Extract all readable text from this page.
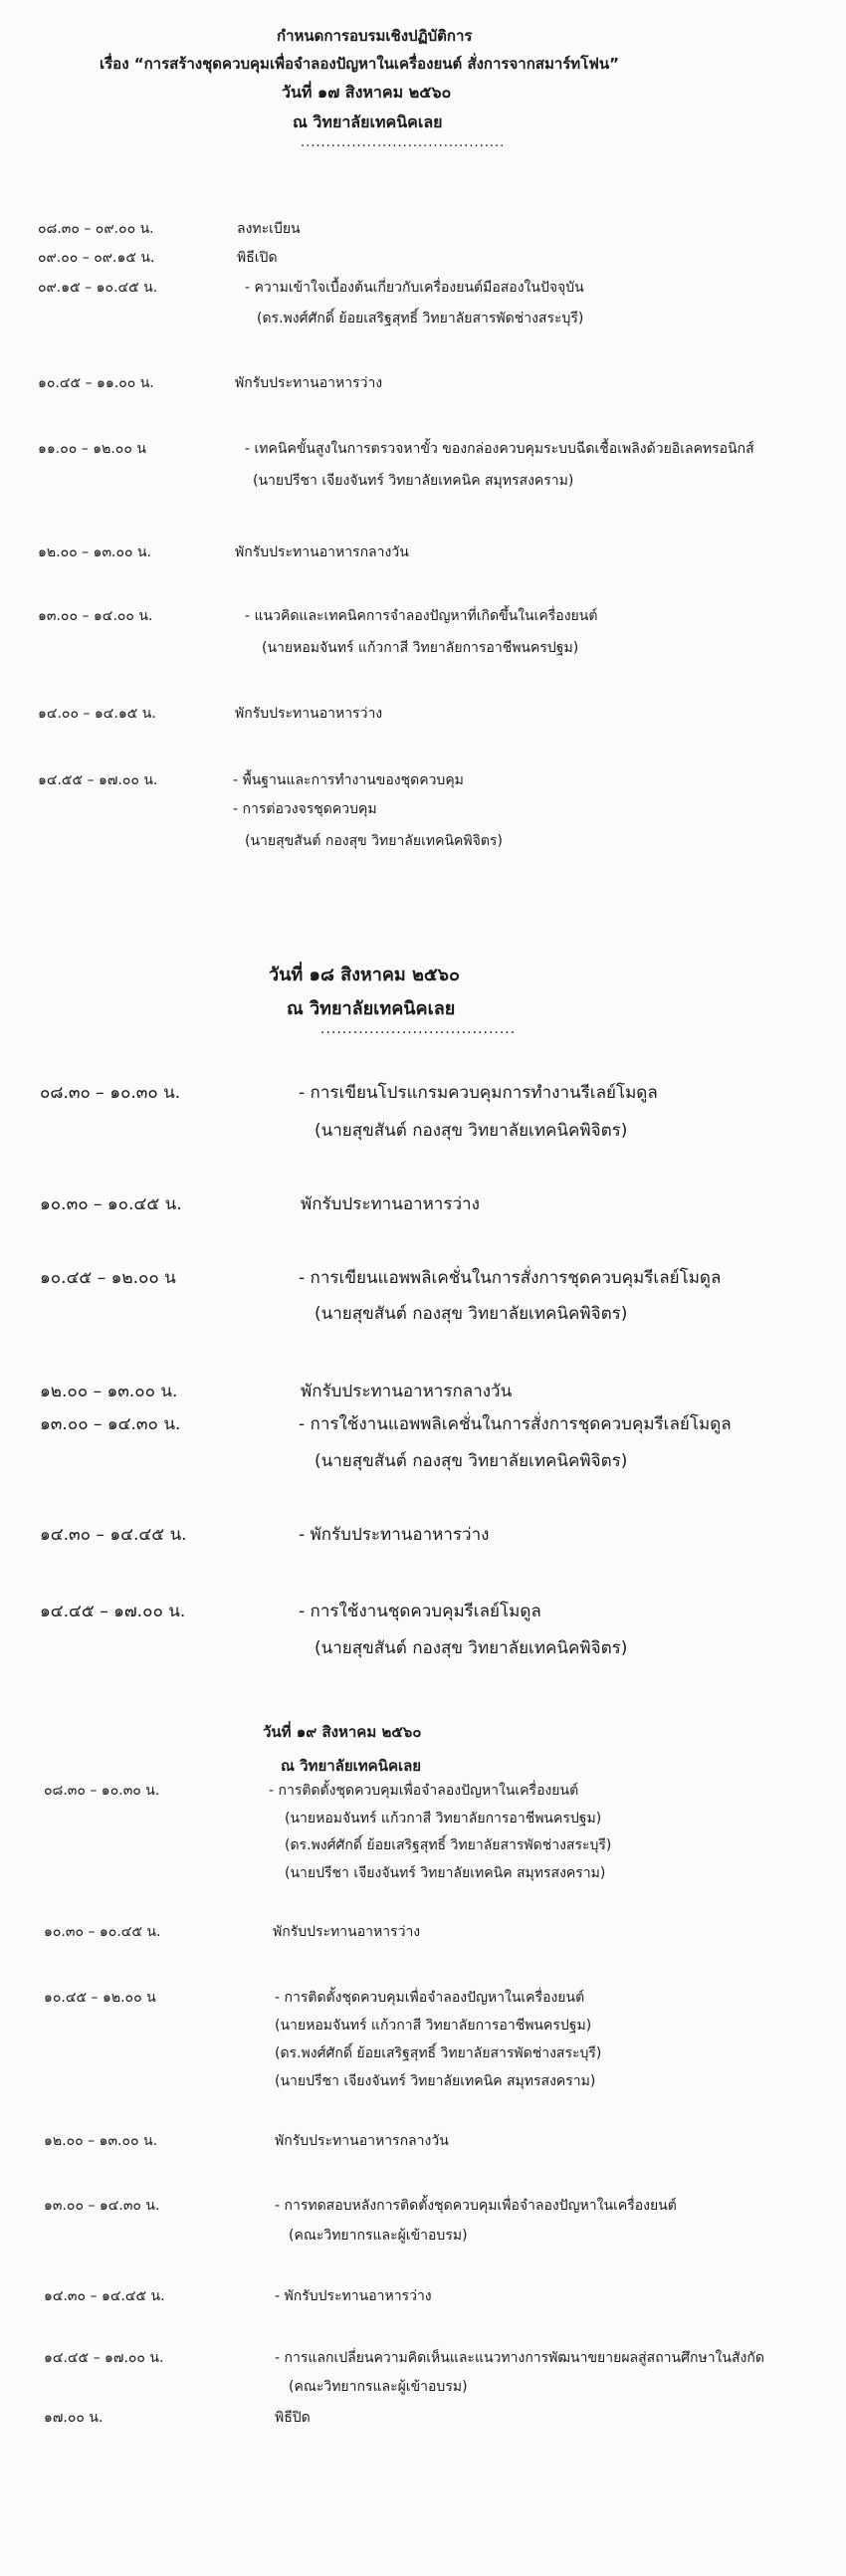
กำหนดการอบรมเชิงปฏิบัติการ
เรื่อง “การสร้างชุดควบคุมเพื่อจำลองปัญหาในเครื่องยนต์ สั่งการจากสมาร์ทโฟน”
วันที่ ๑๗ สิงหาคม ๒๕๖๐
ณ วิทยาลัยเทคนิคเลย
........................................
๐๘.๓๐ – ๐๙.๐๐ น.	ลงทะเบียน
๐๙.๐๐ – ๐๙.๑๕ น.	พิธีเปิด
๐๙.๑๕ – ๑๐.๔๕ น.	- ความเข้าใจเบื้องต้นเกี่ยวกับเครื่องยนต์มือสองในปัจจุบัน
(ดร.พงศ์ศักดิ์ ย้อยเสริฐสุทธิ์ วิทยาลัยสารพัดช่างสระบุรี)
๑๐.๔๕ – ๑๑.๐๐ น.	พักรับประทานอาหารว่าง
๑๑.๐๐ – ๑๒.๐๐ น	- เทคนิคขั้นสูงในการตรวจหาขั้ว ของกล่องควบคุมระบบฉีดเชื้อเพลิงด้วยอิเลคทรอนิกส์
(นายปรีชา เจียงจันทร์ วิทยาลัยเทคนิค สมุทรสงคราม)
๑๒.๐๐ – ๑๓.๐๐ น.	พักรับประทานอาหารกลางวัน
๑๓.๐๐ – ๑๔.๐๐ น.	- แนวคิดและเทคนิคการจำลองปัญหาที่เกิดขึ้นในเครื่องยนต์
(นายหอมจันทร์ แก้วกาสี วิทยาลัยการอาชีพนครปฐม)
๑๔.๐๐ – ๑๔.๑๕ น.	พักรับประทานอาหารว่าง
๑๔.๕๕ – ๑๗.๐๐ น.	- พื้นฐานและการทำงานของชุดควบคุม
- การต่อวงจรชุดควบคุม
(นายสุขสันต์ กองสุข วิทยาลัยเทคนิคพิจิตร)
วันที่ ๑๘ สิงหาคม ๒๕๖๐
ณ วิทยาลัยเทคนิคเลย
....................................
๐๘.๓๐ – ๑๐.๓๐ น.	- การเขียนโปรแกรมควบคุมการทำงานรีเลย์โมดูล
(นายสุขสันต์ กองสุข วิทยาลัยเทคนิคพิจิตร)
๑๐.๓๐ – ๑๐.๔๕ น.	พักรับประทานอาหารว่าง
๑๐.๔๕ – ๑๒.๐๐ น	- การเขียนแอพพลิเคชั่นในการสั่งการชุดควบคุมรีเลย์โมดูล
(นายสุขสันต์ กองสุข วิทยาลัยเทคนิคพิจิตร)
๑๒.๐๐ – ๑๓.๐๐ น.	พักรับประทานอาหารกลางวัน
๑๓.๐๐ – ๑๔.๓๐ น.	- การใช้งานแอพพลิเคชั่นในการสั่งการชุดควบคุมรีเลย์โมดูล
(นายสุขสันต์ กองสุข วิทยาลัยเทคนิคพิจิตร)
๑๔.๓๐ – ๑๔.๔๕ น.	- พักรับประทานอาหารว่าง
๑๔.๔๕ – ๑๗.๐๐ น.	- การใช้งานชุดควบคุมรีเลย์โมดูล
(นายสุขสันต์ กองสุข วิทยาลัยเทคนิคพิจิตร)
วันที่ ๑๙ สิงหาคม ๒๕๖๐
ณ วิทยาลัยเทคนิคเลย
๐๘.๓๐ – ๑๐.๓๐ น.	- การติดตั้งชุดควบคุมเพื่อจำลองปัญหาในเครื่องยนต์
(นายหอมจันทร์ แก้วกาสี วิทยาลัยการอาชีพนครปฐม)
(ดร.พงศ์ศักดิ์ ย้อยเสริฐสุทธิ์ วิทยาลัยสารพัดช่างสระบุรี)
(นายปรีชา เจียงจันทร์ วิทยาลัยเทคนิค สมุทรสงคราม)
๑๐.๓๐ – ๑๐.๔๕ น.	พักรับประทานอาหารว่าง
๑๐.๔๕ – ๑๒.๐๐ น	- การติดตั้งชุดควบคุมเพื่อจำลองปัญหาในเครื่องยนต์
(นายหอมจันทร์ แก้วกาสี วิทยาลัยการอาชีพนครปฐม)
(ดร.พงศ์ศักดิ์ ย้อยเสริฐสุทธิ์ วิทยาลัยสารพัดช่างสระบุรี)
(นายปรีชา เจียงจันทร์ วิทยาลัยเทคนิค สมุทรสงคราม)
๑๒.๐๐ – ๑๓.๐๐ น.	พักรับประทานอาหารกลางวัน
๑๓.๐๐ – ๑๔.๓๐ น.	- การทดสอบหลังการติดตั้งชุดควบคุมเพื่อจำลองปัญหาในเครื่องยนต์
(คณะวิทยากรและผู้เข้าอบรม)
๑๔.๓๐ – ๑๔.๔๕ น.	- พักรับประทานอาหารว่าง
๑๔.๔๕ – ๑๗.๐๐ น.	- การแลกเปลี่ยนความคิดเห็นและแนวทางการพัฒนาขยายผลสู่สถานศึกษาในสังกัด
(คณะวิทยากรและผู้เข้าอบรม)
๑๗.๐๐ น.	พิธีปิด
